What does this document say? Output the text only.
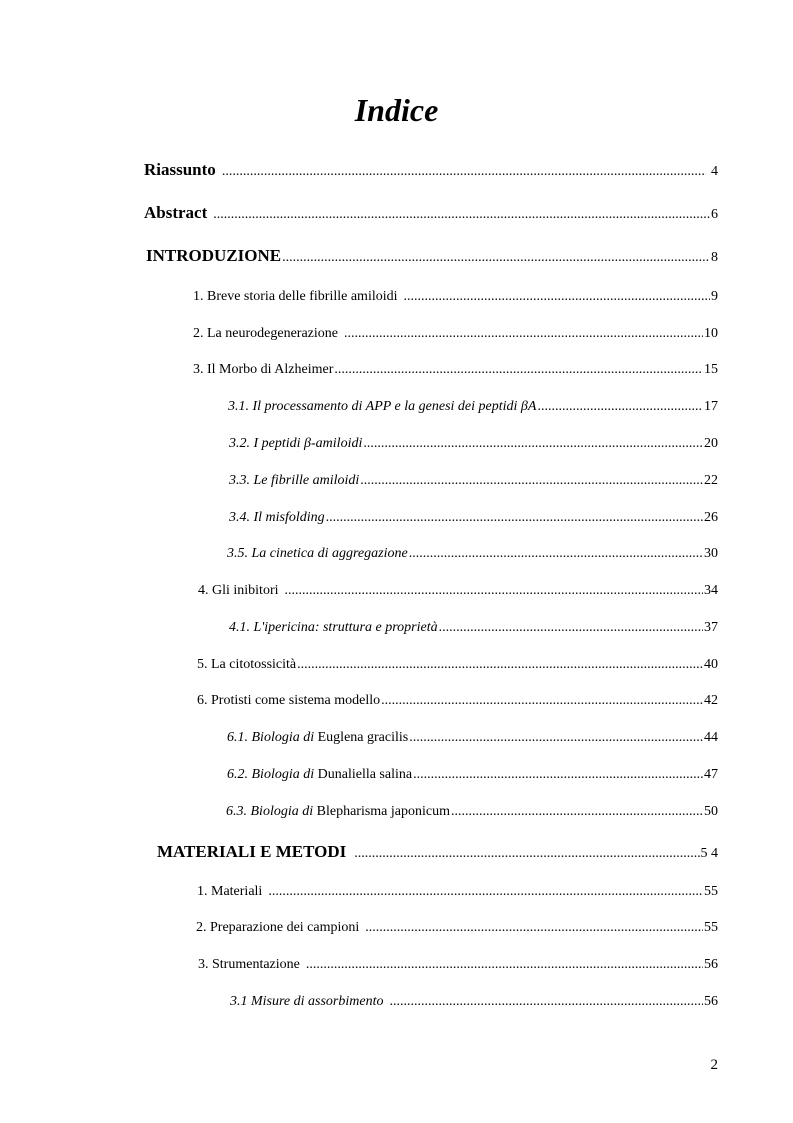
Indice
Riassunto .....	4
Abstract .....	6
INTRODUZIONE .....	8
1. Breve storia delle fibrille amiloidi .....	9
2. La neurodegenerazione .....	10
3. Il Morbo di Alzheimer .....	15
3.1. Il processamento di APP e la genesi dei peptidi βA .....	17
3.2. I peptidi β-amiloidi .....	20
3.3. Le fibrille amiloidi .....	22
3.4. Il misfolding .....	26
3.5. La cinetica di aggregazione .....	30
4. Gli inibitori .....	34
4.1. L'ipericina: struttura e proprietà .....	37
5. La citotossicità .....	40
6. Protisti come sistema modello .....	42
6.1. Biologia di Euglena gracilis .....	44
6.2. Biologia di Dunaliella salina .....	47
6.3. Biologia di Blepharisma japonicum .....	50
MATERIALI E METODI .....	5 4
1. Materiali .....	55
2. Preparazione dei campioni .....	55
3. Strumentazione .....	56
3.1 Misure di assorbimento .....	56
2
